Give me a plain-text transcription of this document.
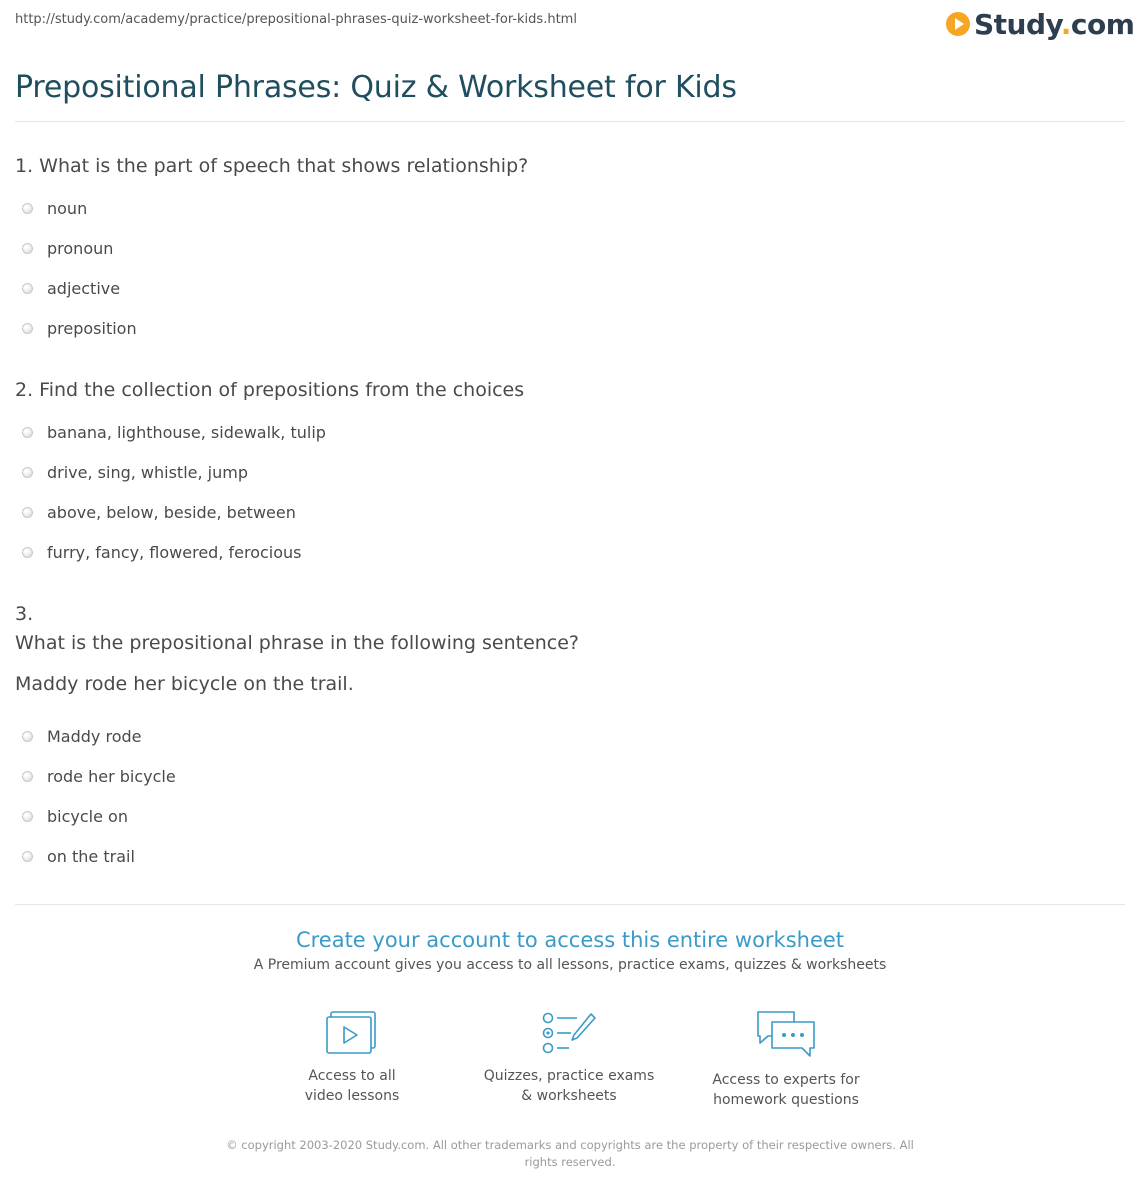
http://study.com/academy/practice/prepositional-phrases-quiz-worksheet-for-kids.html	Study.com
Prepositional Phrases: Quiz & Worksheet for Kids
1. What is the part of speech that shows relationship?
noun
pronoun
adjective
preposition
2. Find the collection of prepositions from the choices
banana, lighthouse, sidewalk, tulip
drive, sing, whistle, jump
above, below, beside, between
furry, fancy, flowered, ferocious
3.
What is the prepositional phrase in the following sentence?
Maddy rode her bicycle on the trail.
Maddy rode
rode her bicycle
bicycle on
on the trail
Create your account to access this entire worksheet
A Premium account gives you access to all lessons, practice exams, quizzes & worksheets
Access to all
video lessons
Quizzes, practice exams
& worksheets
Access to experts for
homework questions
© copyright 2003-2020 Study.com. All other trademarks and copyrights are the property of their respective owners. All rights reserved.
